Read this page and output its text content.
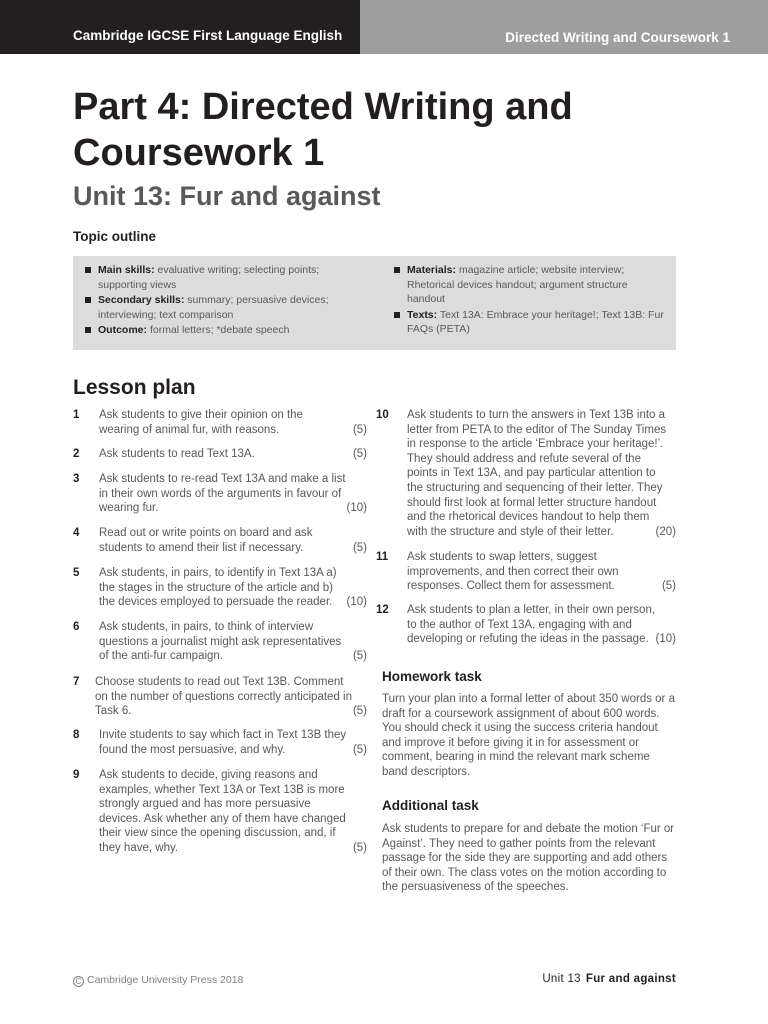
Cambridge IGCSE First Language English	Directed Writing and Coursework 1
Part 4: Directed Writing and Coursework 1
Unit 13: Fur and against
Topic outline
Main skills: evaluative writing; selecting points; supporting views
Secondary skills: summary; persuasive devices; interviewing; text comparison
Outcome: formal letters; *debate speech
Materials: magazine article; website interview; Rhetorical devices handout; argument structure handout
Texts: Text 13A: Embrace your heritage!; Text 13B: Fur FAQs (PETA)
Lesson plan
1 Ask students to give their opinion on the wearing of animal fur, with reasons.	(5)
2 Ask students to read Text 13A.	(5)
3 Ask students to re-read Text 13A and make a list in their own words of the arguments in favour of wearing fur.	(10)
4 Read out or write points on board and ask students to amend their list if necessary.	(5)
5 Ask students, in pairs, to identify in Text 13A a) the stages in the structure of the article and b) the devices employed to persuade the reader.	(10)
6 Ask students, in pairs, to think of interview questions a journalist might ask representatives of the anti-fur campaign.	(5)
7 Choose students to read out Text 13B. Comment on the number of questions correctly anticipated in Task 6.	(5)
8 Invite students to say which fact in Text 13B they found the most persuasive, and why.	(5)
9 Ask students to decide, giving reasons and examples, whether Text 13A or Text 13B is more strongly argued and has more persuasive devices. Ask whether any of them have changed their view since the opening discussion, and, if they have, why.	(5)
10 Ask students to turn the answers in Text 13B into a letter from PETA to the editor of The Sunday Times in response to the article ‘Embrace your heritage!’. They should address and refute several of the points in Text 13A, and pay particular attention to the structuring and sequencing of their letter. They should first look at formal letter structure handout and the rhetorical devices handout to help them with the structure and style of their letter.	(20)
11 Ask students to swap letters, suggest improvements, and then correct their own responses. Collect them for assessment.	(5)
12 Ask students to plan a letter, in their own person, to the author of Text 13A, engaging with and developing or refuting the ideas in the passage. (10)
Homework task
Turn your plan into a formal letter of about 350 words or a draft for a coursework assignment of about 600 words. You should check it using the success criteria handout and improve it before giving it in for assessment or comment, bearing in mind the relevant mark scheme band descriptors.
Additional task
Ask students to prepare for and debate the motion ‘Fur or Against’. They need to gather points from the relevant passage for the side they are supporting and add others of their own. The class votes on the motion according to the persuasiveness of the speeches.
C Cambridge University Press 2018	Unit 13 Fur and against
